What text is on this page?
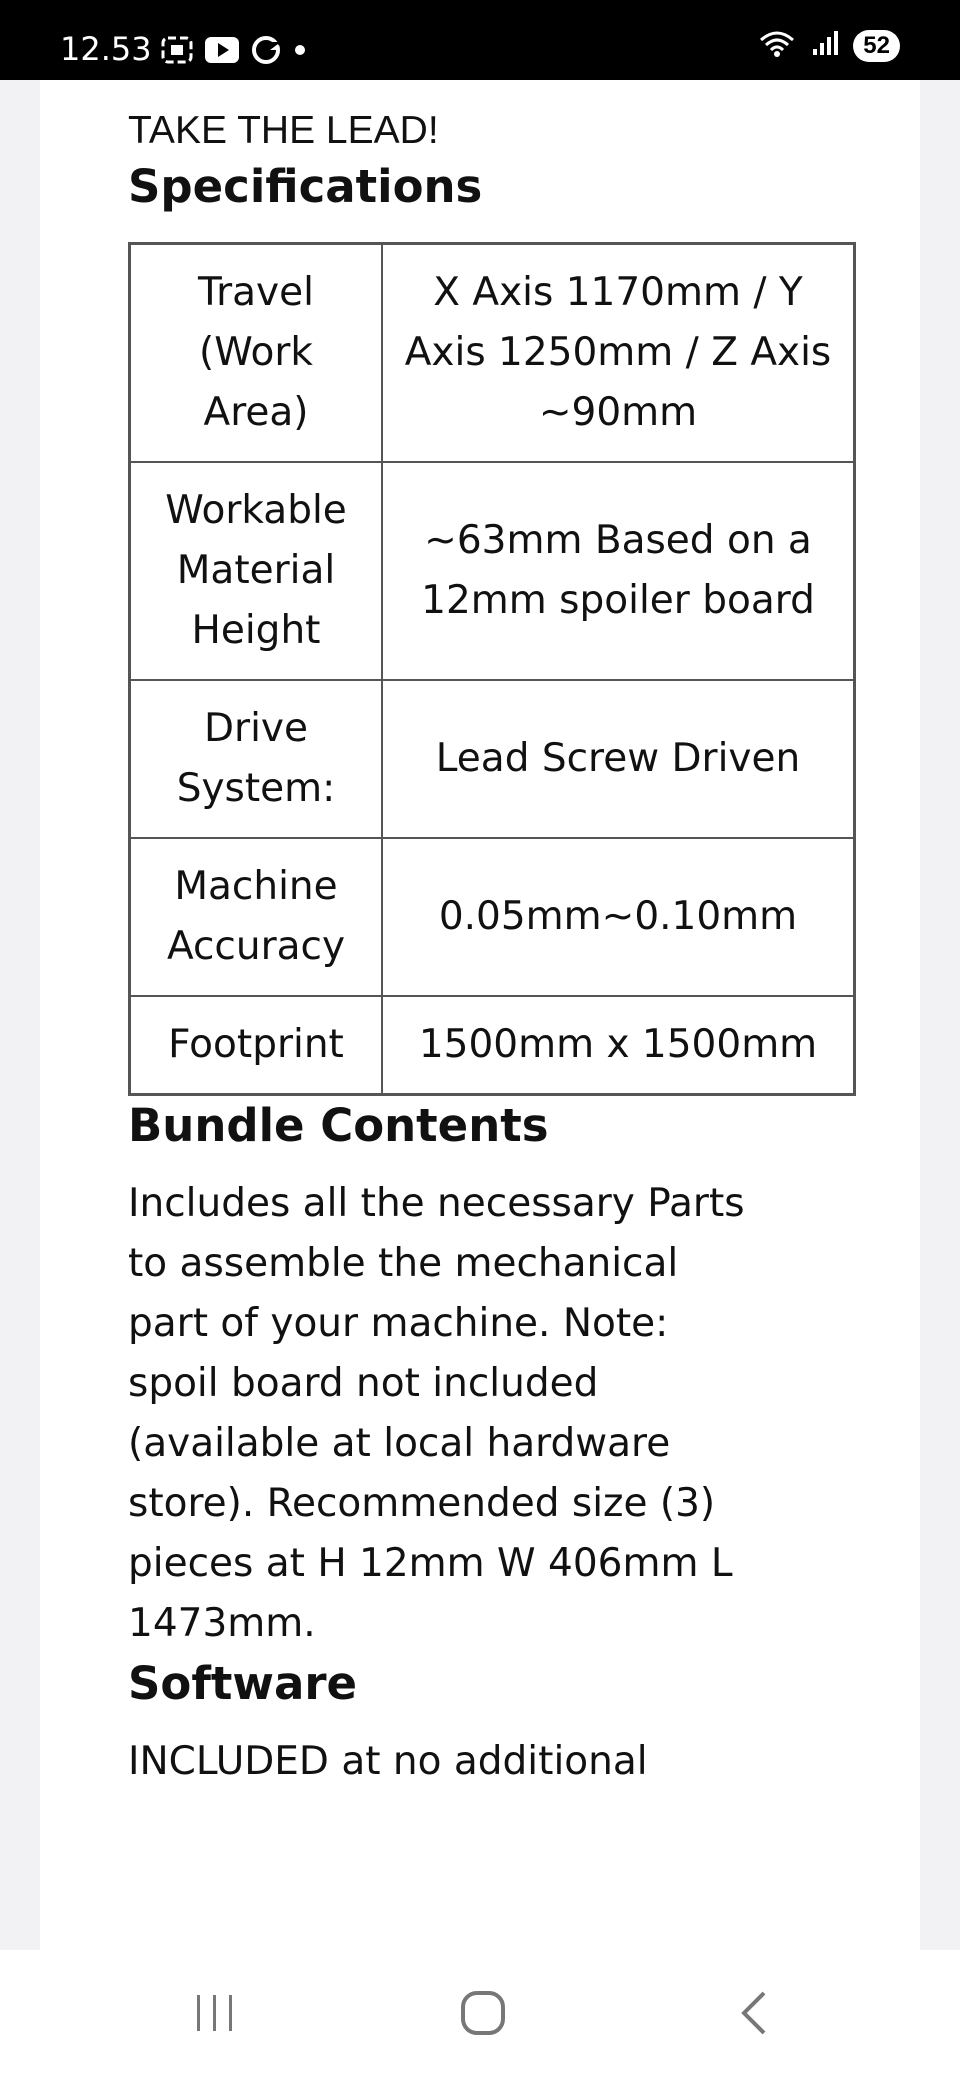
12.53	52

TAKE THE LEAD!

Specifications
Travel (Work Area)	X Axis 1170mm / Y Axis 1250mm / Z Axis ~90mm
Workable Material Height	~63mm Based on a 12mm spoiler board
Drive System:	Lead Screw Driven
Machine Accuracy	0.05mm~0.10mm
Footprint	1500mm x 1500mm
Bundle Contents

Includes all the necessary Parts to assemble the mechanical part of your machine. Note: spoil board not included (available at local hardware store). Recommended size (3) pieces at H 12mm W 406mm L 1473mm.

Software

INCLUDED at no additional
